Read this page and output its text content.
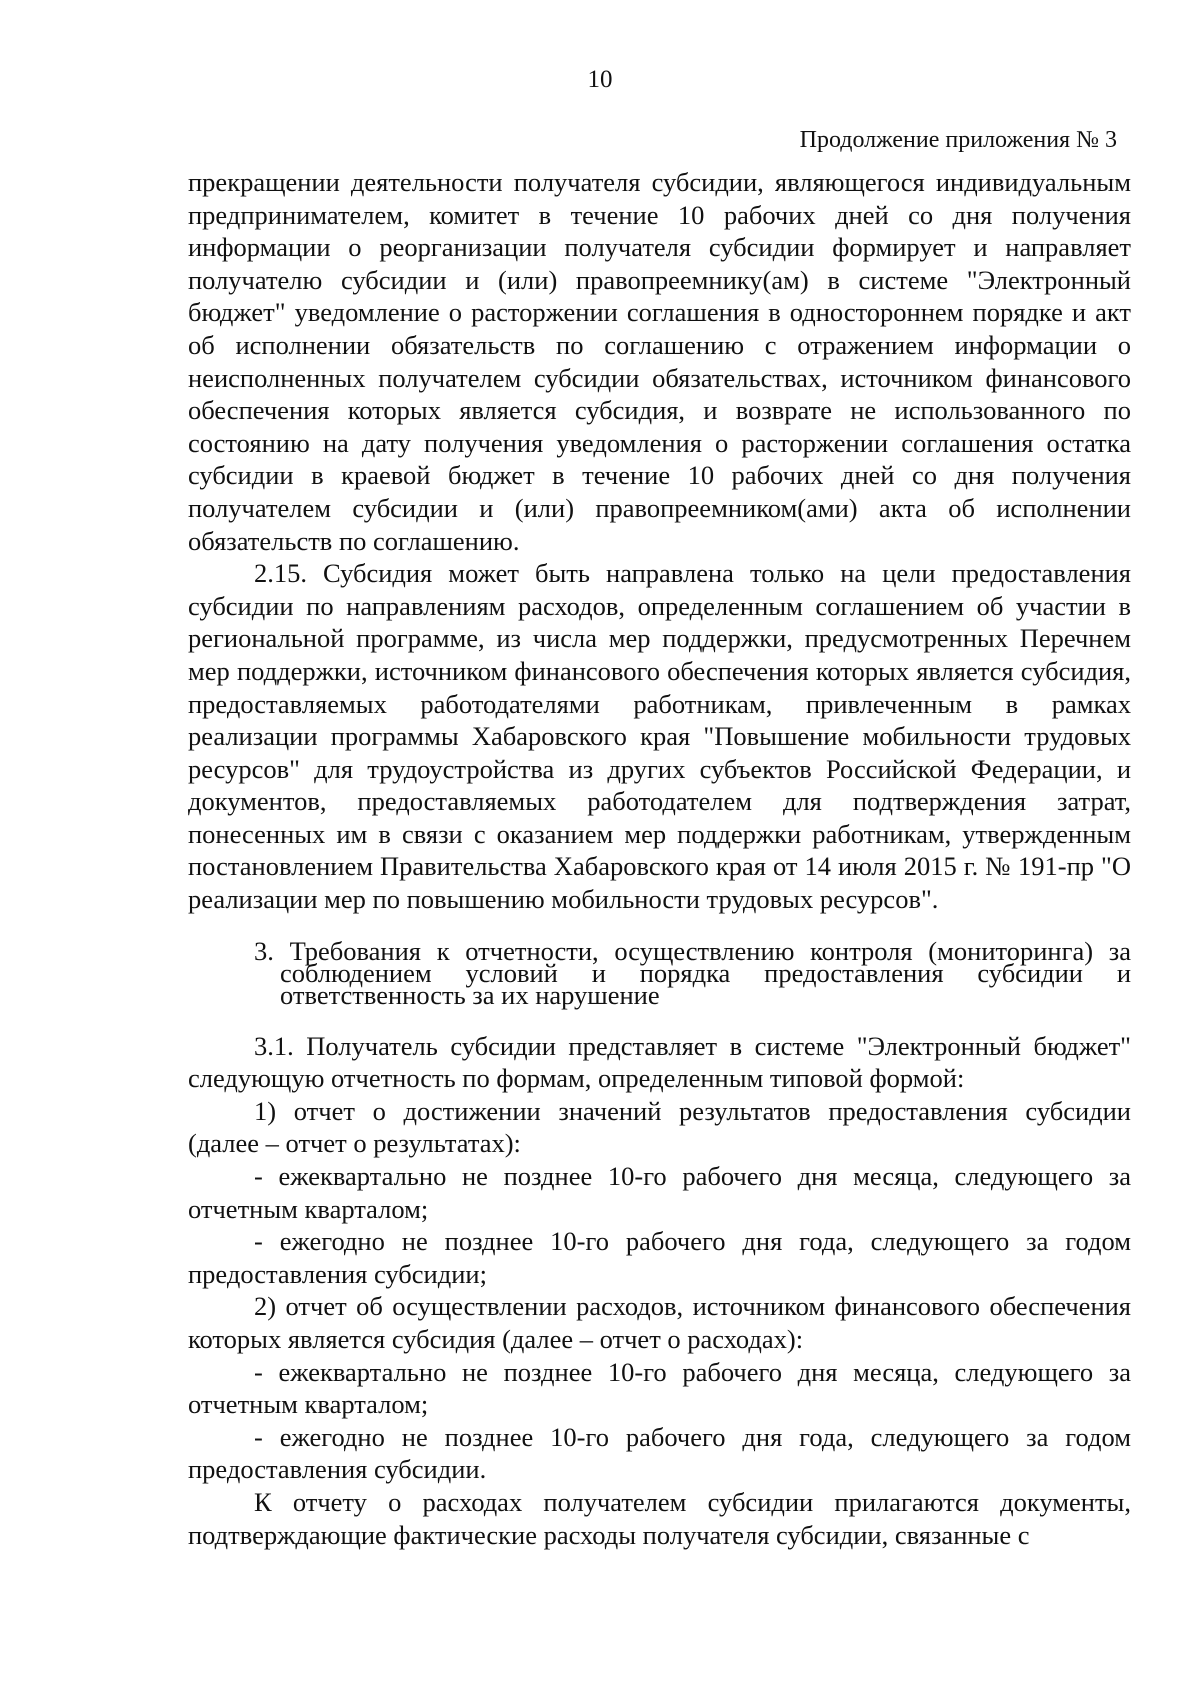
10
Продолжение приложения № 3

прекращении деятельности получателя субсидии, являющегося индивидуальным предпринимателем, комитет в течение 10 рабочих дней со дня получения информации о реорганизации получателя субсидии формирует и направляет получателю субсидии и (или) правопреемнику(ам) в системе "Электронный бюджет" уведомление о расторжении соглашения в одностороннем порядке и акт об исполнении обязательств по соглашению с отражением информации о неисполненных получателем субсидии обязательствах, источником финансового обеспечения которых является субсидия, и возврате не использованного по состоянию на дату получения уведомления о расторжении соглашения остатка субсидии в краевой бюджет в течение 10 рабочих дней со дня получения получателем субсидии и (или) правопреемником(ами) акта об исполнении обязательств по соглашению.

2.15. Субсидия может быть направлена только на цели предоставления субсидии по направлениям расходов, определенным соглашением об участии в региональной программе, из числа мер поддержки, предусмотренных Перечнем мер поддержки, источником финансового обеспечения которых является субсидия, предоставляемых работодателями работникам, привлеченным в рамках реализации программы Хабаровского края "Повышение мобильности трудовых ресурсов" для трудоустройства из других субъектов Российской Федерации, и документов, предоставляемых работодателем для подтверждения затрат, понесенных им в связи с оказанием мер поддержки работникам, утвержденным постановлением Правительства Хабаровского края от 14 июля 2015 г. № 191-пр "О реализации мер по повышению мобильности трудовых ресурсов".

3. Требования к отчетности, осуществлению контроля (мониторинга) за соблюдением условий и порядка предоставления субсидии и ответственность за их нарушение

3.1. Получатель субсидии представляет в системе "Электронный бюджет" следующую отчетность по формам, определенным типовой формой:

1) отчет о достижении значений результатов предоставления субсидии (далее – отчет о результатах):

- ежеквартально не позднее 10-го рабочего дня месяца, следующего за отчетным кварталом;

- ежегодно не позднее 10-го рабочего дня года, следующего за годом предоставления субсидии;

2) отчет об осуществлении расходов, источником финансового обеспечения которых является субсидия (далее – отчет о расходах):

- ежеквартально не позднее 10-го рабочего дня месяца, следующего за отчетным кварталом;

- ежегодно не позднее 10-го рабочего дня года, следующего за годом предоставления субсидии.

К отчету о расходах получателем субсидии прилагаются документы, подтверждающие фактические расходы получателя субсидии, связанные с
